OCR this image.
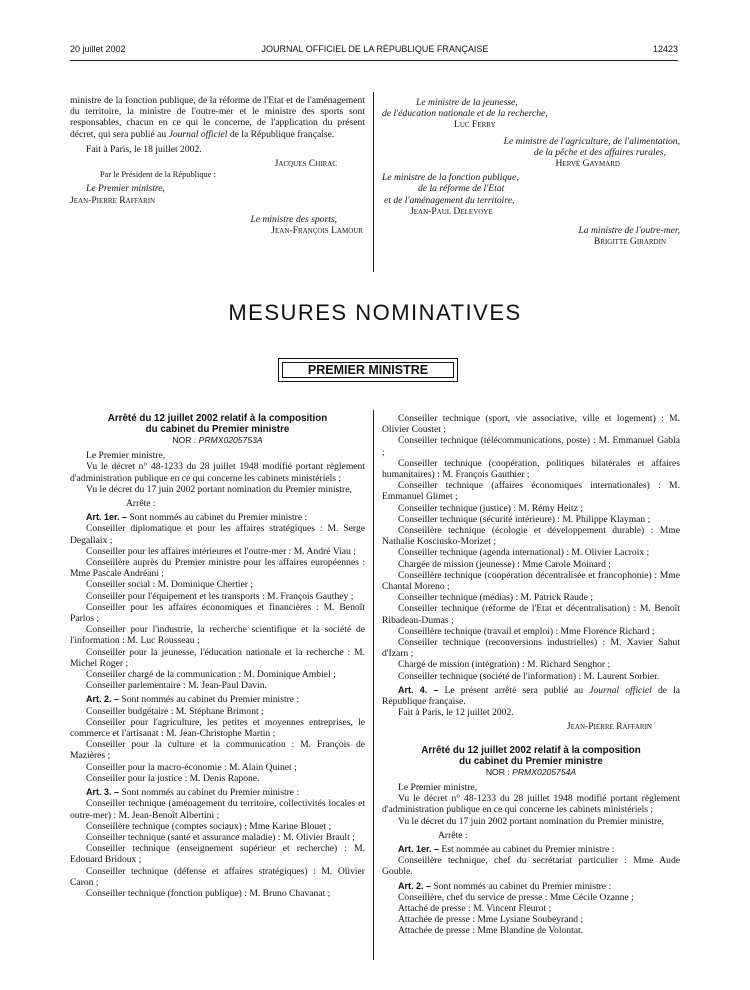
20 juillet 2002	JOURNAL OFFICIEL DE LA RÉPUBLIQUE FRANÇAISE	12423

ministre de la fonction publique, de la réforme de l'Etat et de l'aménagement du territoire, la ministre de l'outre-mer et le ministre des sports sont responsables, chacun en ce qui le concerne, de l'application du présent décret, qui sera publié au Journal officiel de la République française.

Fait à Paris, le 18 juillet 2002.

Jacques Chirac

Par le Président de la République :

Le Premier ministre,

Jean-Pierre Raffarin

Le ministre des sports,

Jean-François Lamour

Le ministre de la jeunesse,

de l'éducation nationale et de la recherche,

Luc Ferry

Le ministre de l'agriculture, de l'alimentation,

de la pêche et des affaires rurales,

Hervé Gaymard

Le ministre de la fonction publique,

de la réforme de l'Etat

et de l'aménagement du territoire,

Jean-Paul Delevoye

La ministre de l'outre-mer,

Brigitte Girardin

MESURES NOMINATIVES
PREMIER MINISTRE

Arrêté du 12 juillet 2002 relatif à la composition

du cabinet du Premier ministre

NOR : PRMX0205753A

Le Premier ministre,

Vu le décret n° 48-1233 du 28 juillet 1948 modifié portant règlement d'administration publique en ce qui concerne les cabinets ministériels ;

Vu le décret du 17 juin 2002 portant nomination du Premier ministre,

Arrête :

Art. 1er. – Sont nommés au cabinet du Premier ministre :

Conseiller diplomatique et pour les affaires stratégiques : M. Serge Degallaix ;

Conseiller pour les affaires intérieures et l'outre-mer : M. André Viau ;

Conseillère auprès du Premier ministre pour les affaires européennes : Mme Pascale Andréani ;

Conseiller social : M. Dominique Chertier ;

Conseiller pour l'équipement et les transports : M. François Gauthey ;

Conseiller pour les affaires économiques et financières : M. Benoît Parlos ;

Conseiller pour l'industrie, la recherche scientifique et la société de l'information : M. Luc Rousseau ;

Conseiller pour la jeunesse, l'éducation nationale et la recherche : M. Michel Roger ;

Conseiller chargé de la communication : M. Dominique Ambiel ;

Conseiller parlementaire : M. Jean-Paul Davin.

Art. 2. – Sont nommés au cabinet du Premier ministre :

Conseiller budgétaire : M. Stéphane Brimont ;

Conseiller pour l'agriculture, les petites et moyennes entreprises, le commerce et l'artisanat : M. Jean-Christophe Martin ;

Conseiller pour la culture et la communication : M. François de Mazières ;

Conseiller pour la macro-économie : M. Alain Quinet ;

Conseiller pour la justice : M. Denis Rapone.

Art. 3. – Sont nommés au cabinet du Premier ministre :

Conseiller technique (aménagement du territoire, collectivités locales et outre-mer) : M. Jean-Benoît Albertini ;

Conseillère technique (comptes sociaux) : Mme Karine Blouet ;

Conseiller technique (santé et assurance maladie) : M. Olivier Brault ;

Conseiller technique (enseignement supérieur et recherche) : M. Edouard Bridoux ;

Conseiller technique (défense et affaires stratégiques) : M. Olivier Caron ;

Conseiller technique (fonction publique) : M. Bruno Chavanat ;

Conseiller technique (sport, vie associative, ville et logement) : M. Olivier Coustet ;

Conseiller technique (télécommunications, poste) : M. Emmanuel Gabla ;

Conseiller technique (coopération, politiques bilatérales et affaires humanitaires) : M. François Gauthier ;

Conseiller technique (affaires économiques internationales) : M. Emmanuel Glimet ;

Conseiller technique (justice) : M. Rémy Heitz ;

Conseiller technique (sécurité intérieure) : M. Philippe Klayman ;

Conseillère technique (écologie et développement durable) : Mme Nathalie Kosciusko-Morizet ;

Conseiller technique (agenda international) : M. Olivier Lacroix ;

Chargée de mission (jeunesse) : Mme Carole Moinard ;

Conseillère technique (coopération décentralisée et francophonie) : Mme Chantal Moreno ;

Conseiller technique (médias) : M. Patrick Raude ;

Conseiller technique (réforme de l'Etat et décentralisation) : M. Benoît Ribadeau-Dumas ;

Conseillère technique (travail et emploi) : Mme Florence Richard ;

Conseiller technique (reconversions industrielles) : M. Xavier Sahut d'Izarn ;

Chargé de mission (intégration) : M. Richard Senghor ;

Conseiller technique (société de l'information) : M. Laurent Sorbier.

Art. 4. – Le présent arrêté sera publié au Journal officiel de la République française.

Fait à Paris, le 12 juillet 2002.

Jean-Pierre Raffarin

Arrêté du 12 juillet 2002 relatif à la composition

du cabinet du Premier ministre

NOR : PRMX0205754A

Le Premier ministre,

Vu le décret n° 48-1233 du 28 juillet 1948 modifié portant règlement d'administration publique en ce qui concerne les cabinets ministériels ;

Vu le décret du 17 juin 2002 portant nomination du Premier ministre,

Arrête :

Art. 1er. – Est nommée au cabinet du Premier ministre :

Conseillère technique, chef du secrétariat particulier : Mme Aude Gouble.

Art. 2. – Sont nommés au cabinet du Premier ministre :

Conseillère, chef du service de presse : Mme Cécile Ozanne ;

Attaché de presse : M. Vincent Fleurot ;

Attachée de presse : Mme Lysiane Soubeyrand ;

Attachée de presse : Mme Blandine de Volontat.
